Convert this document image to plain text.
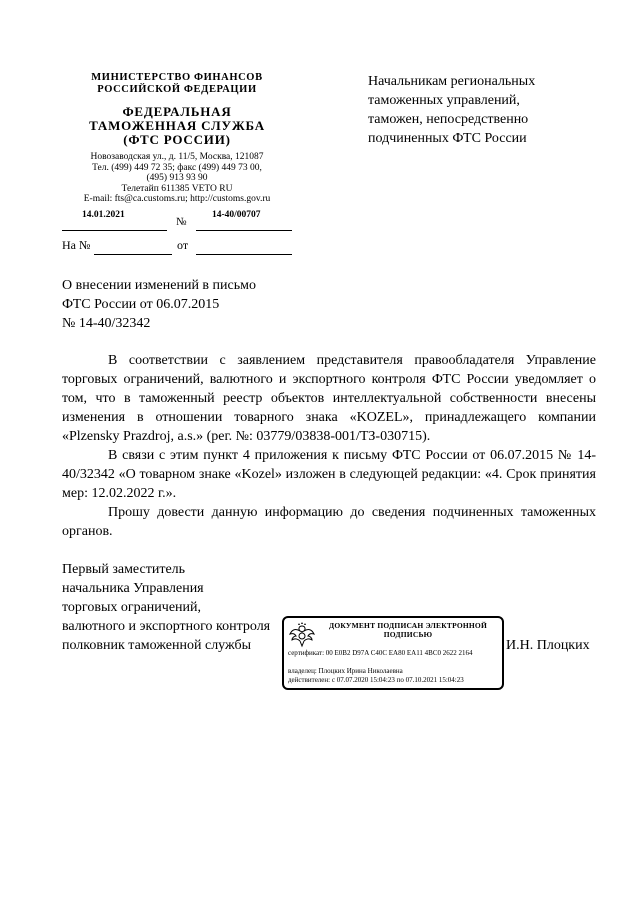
МИНИСТЕРСТВО ФИНАНСОВ
РОССИЙСКОЙ ФЕДЕРАЦИИ
ФЕДЕРАЛЬНАЯ
ТАМОЖЕННАЯ СЛУЖБА
(ФТС РОССИИ)
Новозаводская ул., д. 11/5, Москва, 121087
Тел. (499) 449 72 35; факс (499) 449 73 00,
(495) 913 93 90
Телетайп 611385 VETO RU
E-mail: fts@ca.customs.ru; http://customs.gov.ru
14.01.2021
№
14-40/00707
На №	от
Начальникам региональных
таможенных управлений,
таможен, непосредственно
подчиненных ФТС России
О внесении изменений в письмо
ФТС России от 06.07.2015
№ 14-40/32342

В соответствии с заявлением представителя правообладателя Управление торговых ограничений, валютного и экспортного контроля ФТС России уведомляет о том, что в таможенный реестр объектов интеллектуальной собственности внесены изменения в отношении товарного знака «KOZEL», принадлежащего компании «Plzensky Prazdroj, a.s.» (рег. №: 03779/03838-001/ТЗ-030715).

В связи с этим пункт 4 приложения к письму ФТС России от 06.07.2015 № 14-40/32342 «О товарном знаке «Kozel» изложен в следующей редакции: «4. Срок принятия мер: 12.02.2022 г.».

Прошу довести данную информацию до сведения подчиненных таможенных органов.

Первый заместитель
начальника Управления
торговых ограничений,
валютного и экспортного контроля
полковник таможенной службы	И.Н. Плоцких
ДОКУМЕНТ ПОДПИСАН ЭЛЕКТРОННОЙ ПОДПИСЬЮ
сертификат: 00 E0B2 D97A C40C EA80 EA11 4BC0 2622 2164
владелец: Плоцких Ирина Николаевна
действителен: с 07.07.2020 15:04:23 по 07.10.2021 15:04:23
